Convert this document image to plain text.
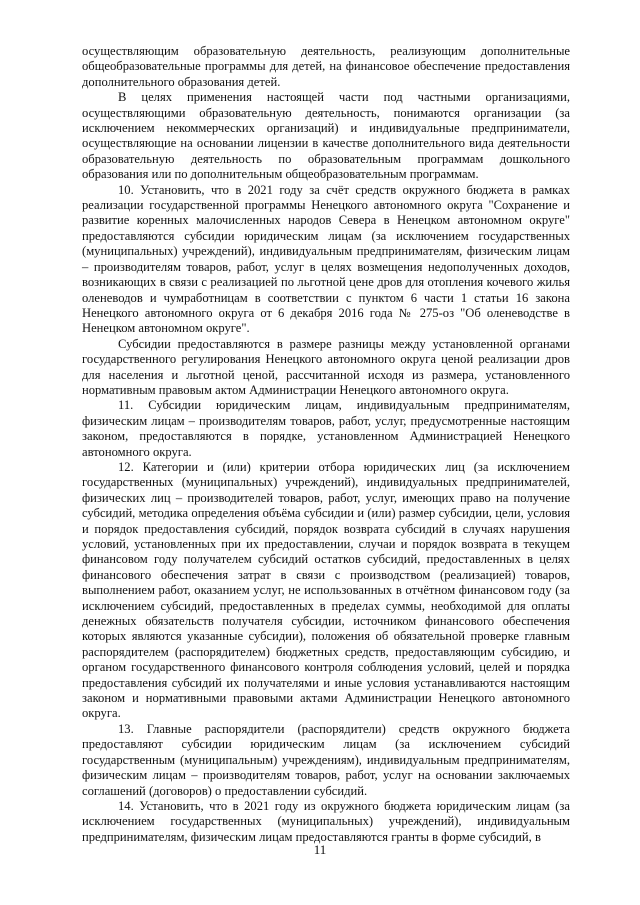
осуществляющим образовательную деятельность, реализующим дополнительные общеобразовательные программы для детей, на финансовое обеспечение предоставления дополнительного образования детей.

В целях применения настоящей части под частными организациями, осуществляющими образовательную деятельность, понимаются организации (за исключением некоммерческих организаций) и индивидуальные предприниматели, осуществляющие на основании лицензии в качестве дополнительного вида деятельности образовательную деятельность по образовательным программам дошкольного образования или по дополнительным общеобразовательным программам.

10. Установить, что в 2021 году за счёт средств окружного бюджета в рамках реализации государственной программы Ненецкого автономного округа "Сохранение и развитие коренных малочисленных народов Севера в Ненецком автономном округе" предоставляются субсидии юридическим лицам (за исключением государственных (муниципальных) учреждений), индивидуальным предпринимателям, физическим лицам – производителям товаров, работ, услуг в целях возмещения недополученных доходов, возникающих в связи с реализацией по льготной цене дров для отопления кочевого жилья оленеводов и чумработницам в соответствии с пунктом 6 части 1 статьи 16 закона Ненецкого автономного округа от 6 декабря 2016 года № 275-оз "Об оленеводстве в Ненецком автономном округе".

Субсидии предоставляются в размере разницы между установленной органами государственного регулирования Ненецкого автономного округа ценой реализации дров для населения и льготной ценой, рассчитанной исходя из размера, установленного нормативным правовым актом Администрации Ненецкого автономного округа.

11. Субсидии юридическим лицам, индивидуальным предпринимателям, физическим лицам – производителям товаров, работ, услуг, предусмотренные настоящим законом, предоставляются в порядке, установленном Администрацией Ненецкого автономного округа.

12. Категории и (или) критерии отбора юридических лиц (за исключением государственных (муниципальных) учреждений), индивидуальных предпринимателей, физических лиц – производителей товаров, работ, услуг, имеющих право на получение субсидий, методика определения объёма субсидии и (или) размер субсидии, цели, условия и порядок предоставления субсидий, порядок возврата субсидий в случаях нарушения условий, установленных при их предоставлении, случаи и порядок возврата в текущем финансовом году получателем субсидий остатков субсидий, предоставленных в целях финансового обеспечения затрат в связи с производством (реализацией) товаров, выполнением работ, оказанием услуг, не использованных в отчётном финансовом году (за исключением субсидий, предоставленных в пределах суммы, необходимой для оплаты денежных обязательств получателя субсидии, источником финансового обеспечения которых являются указанные субсидии), положения об обязательной проверке главным распорядителем (распорядителем) бюджетных средств, предоставляющим субсидию, и органом государственного финансового контроля соблюдения условий, целей и порядка предоставления субсидий их получателями и иные условия устанавливаются настоящим законом и нормативными правовыми актами Администрации Ненецкого автономного округа.

13. Главные распорядители (распорядители) средств окружного бюджета предоставляют субсидии юридическим лицам (за исключением субсидий государственным (муниципальным) учреждениям), индивидуальным предпринимателям, физическим лицам – производителям товаров, работ, услуг на основании заключаемых соглашений (договоров) о предоставлении субсидий.

14. Установить, что в 2021 году из окружного бюджета юридическим лицам (за исключением государственных (муниципальных) учреждений), индивидуальным предпринимателям, физическим лицам предоставляются гранты в форме субсидий, в

11
